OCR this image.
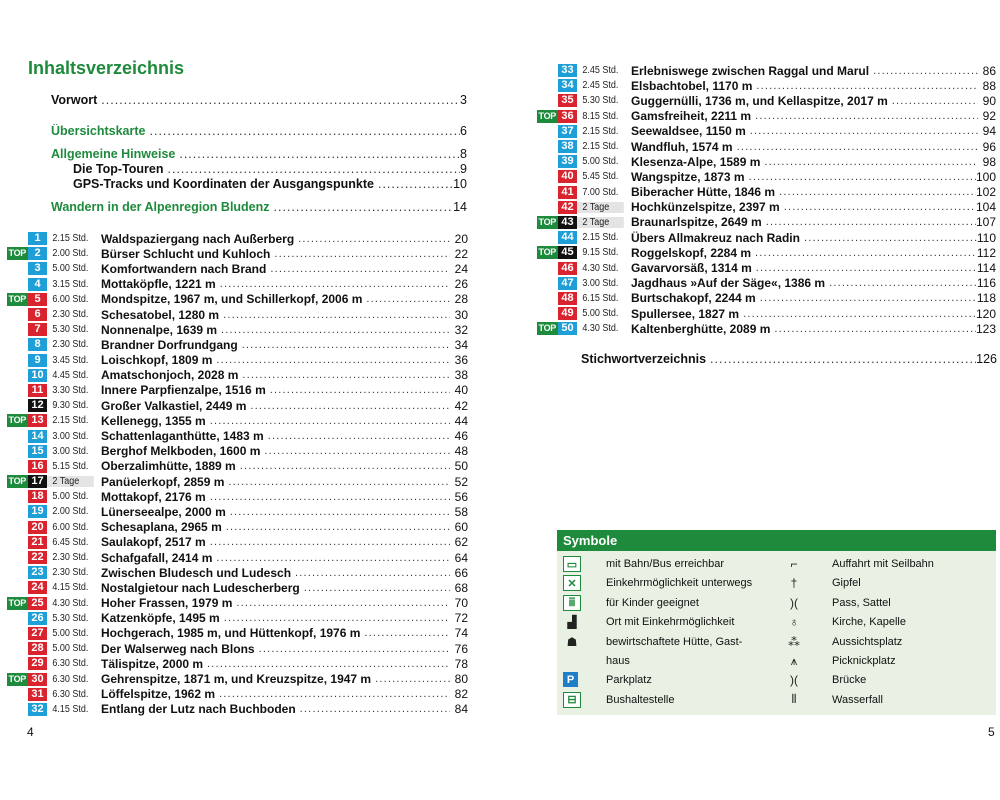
Inhaltsverzeichnis
Vorwort .....	3
Übersichtskarte .....	6
Allgemeine Hinweise .....	8
Die Top-Touren .....	9
GPS-Tracks und Koordinaten der Ausgangspunkte .....	10
Wandern in der Alpenregion Bludenz .....	14
1	2.15 Std.	Waldspaziergang nach Außerberg .....	20
TOP 2	2.00 Std.	Bürser Schlucht und Kuhloch .....	22
3	5.00 Std.	Komfortwandern nach Brand .....	24
4	3.15 Std.	Mottaköpfle, 1221 m .....	26
TOP 5	6.00 Std.	Mondspitze, 1967 m, und Schillerkopf, 2006 m .....	28
6	2.30 Std.	Schesatobel, 1280 m .....	30
7	5.30 Std.	Nonnenalpe, 1639 m .....	32
8	2.30 Std.	Brandner Dorfrundgang .....	34
9	3.45 Std.	Loischkopf, 1809 m .....	36
10 4.45 Std.	Amatschonjoch, 2028 m .....	38
11 3.30 Std.	Innere Parpfienzalpe, 1516 m .....	40
12 9.30 Std.	Großer Valkastiel, 2449 m .....	42
TOP 13 2.15 Std.	Kellenegg, 1355 m .....	44
14 3.00 Std.	Schattenlaganthütte, 1483 m .....	46
15 3.00 Std.	Berghof Melkboden, 1600 m .....	48
16 5.15 Std.	Oberzalimhütte, 1889 m .....	50
TOP 17 2 Tage	Panüelerkopf, 2859 m .....	52
18 5.00 Std.	Mottakopf, 2176 m .....	56
19 2.00 Std.	Lünerseealpe, 2000 m .....	58
20 6.00 Std.	Schesaplana, 2965 m .....	60
21 6.45 Std.	Saulakopf, 2517 m .....	62
22 2.30 Std.	Schafgafall, 2414 m .....	64
23 2.30 Std.	Zwischen Bludesch und Ludesch .....	66
24 4.15 Std.	Nostalgietour nach Ludescherberg .....	68
TOP 25 4.30 Std.	Hoher Frassen, 1979 m .....	70
26 5.30 Std.	Katzenköpfe, 1495 m .....	72
27 5.00 Std.	Hochgerach, 1985 m, und Hüttenkopf, 1976 m .....	74
28 5.00 Std.	Der Walserweg nach Blons .....	76
29 6.30 Std.	Tälispitze, 2000 m .....	78
TOP 30 6.30 Std.	Gehrenspitze, 1871 m, und Kreuzspitze, 1947 m .....	80
31 6.30 Std.	Löffelspitze, 1962 m .....	82
32 4.15 Std.	Entlang der Lutz nach Buchboden .....	84
4
33 2.45 Std.	Erlebniswege zwischen Raggal und Marul .....	86
34 2.45 Std.	Elsbachtobel, 1170 m .....	88
35 5.30 Std.	Guggernülli, 1736 m, und Kellaspitze, 2017 m .....	90
TOP 36 8.15 Std.	Gamsfreiheit, 2211 m .....	92
37 2.15 Std.	Seewaldsee, 1150 m .....	94
38 2.15 Std.	Wandfluh, 1574 m .....	96
39 5.00 Std.	Klesenza-Alpe, 1589 m .....	98
40 5.45 Std.	Wangspitze, 1873 m .....	100
41 7.00 Std.	Biberacher Hütte, 1846 m .....	102
42 2 Tage	Hochkünzelspitze, 2397 m .....	104
TOP 43 2 Tage	Braunarlspitze, 2649 m .....	107
44 2.15 Std.	Übers Allmakreuz nach Radin .....	110
TOP 45 9.15 Std.	Roggelskopf, 2284 m .....	112
46 4.30 Std.	Gavarvorsäß, 1314 m .....	114
47 3.00 Std.	Jagdhaus »Auf der Säge«, 1386 m .....	116
48 6.15 Std.	Burtschakopf, 2244 m .....	118
49 5.00 Std.	Spullersee, 1827 m .....	120
TOP 50 4.30 Std.	Kaltenberghütte, 2089 m .....	123
Stichwortverzeichnis .....	126
5
Symbole
▭	mit Bahn/Bus erreichbar	⌐	Auffahrt mit Seilbahn
✕	Einkehrmöglichkeit unterwegs	†	Gipfel
ⅲ	für Kinder geeignet	)(	Pass, Sattel
▟	Ort mit Einkehrmöglichkeit	♁	Kirche, Kapelle
☗	bewirtschaftete Hütte, Gast-	⁂	Aussichtsplatz
haus	⩚	Picknickplatz
P	Parkplatz	)(	Brücke
⊟	Bushaltestelle	⦀	Wasserfall
